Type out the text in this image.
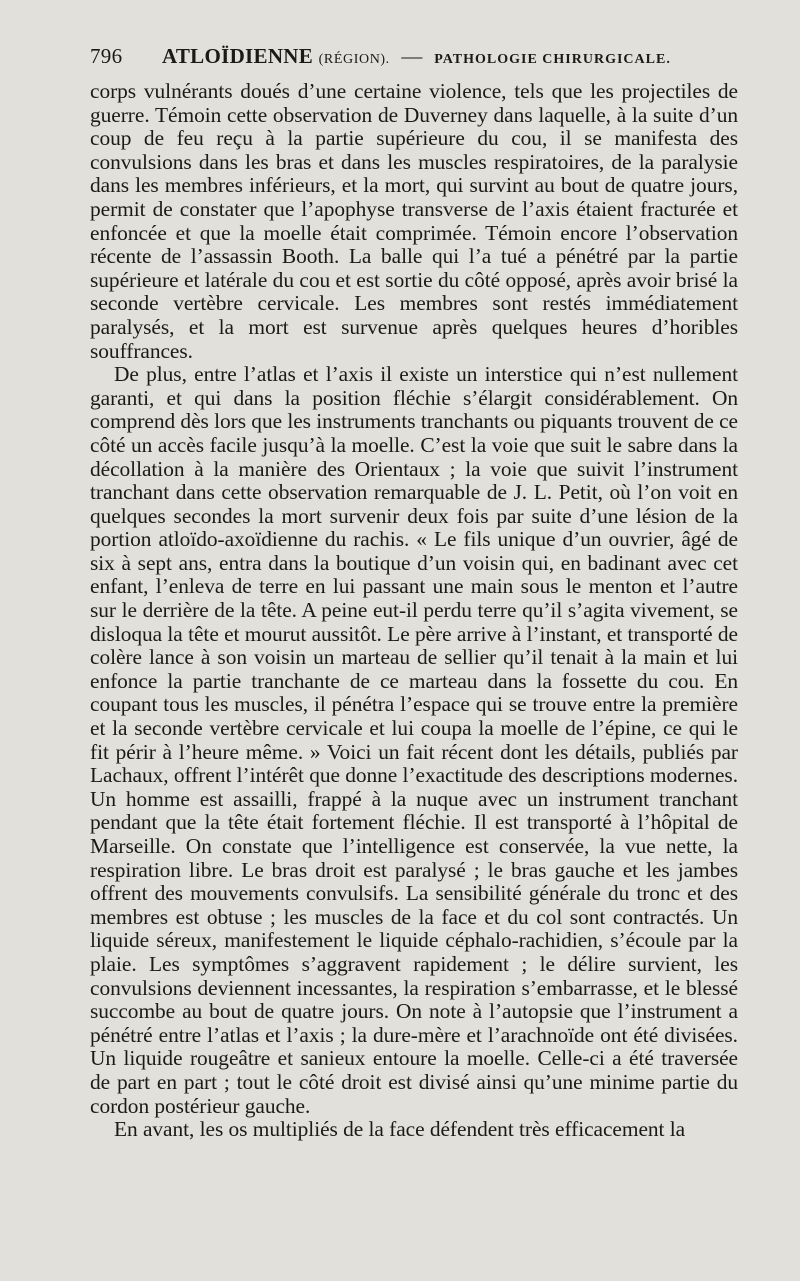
796 ATLOÏDIENNE (RÉGION). — PATHOLOGIE CHIRURGICALE.

corps vulnérants doués d’une certaine violence, tels que les projectiles de guerre. Témoin cette observation de Duverney dans laquelle, à la suite d’un coup de feu reçu à la partie supérieure du cou, il se manifesta des convulsions dans les bras et dans les muscles respiratoires, de la paralysie dans les membres inférieurs, et la mort, qui survint au bout de quatre jours, permit de constater que l’apophyse transverse de l’axis étaient fracturée et enfoncée et que la moelle était comprimée. Témoin encore l’observation récente de l’assassin Booth. La balle qui l’a tué a pénétré par la partie supérieure et latérale du cou et est sortie du côté opposé, après avoir brisé la seconde vertèbre cervicale. Les membres sont restés immédiatement paralysés, et la mort est survenue après quelques heures d’horibles souffrances.

De plus, entre l’atlas et l’axis il existe un interstice qui n’est nullement garanti, et qui dans la position fléchie s’élargit considérablement. On comprend dès lors que les instruments tranchants ou piquants trouvent de ce côté un accès facile jusqu’à la moelle. C’est la voie que suit le sabre dans la décollation à la manière des Orientaux ; la voie que suivit l’instrument tranchant dans cette observation remarquable de J. L. Petit, où l’on voit en quelques secondes la mort survenir deux fois par suite d’une lésion de la portion atloïdo-axoïdienne du rachis. « Le fils unique d’un ouvrier, âgé de six à sept ans, entra dans la boutique d’un voisin qui, en badinant avec cet enfant, l’enleva de terre en lui passant une main sous le menton et l’autre sur le derrière de la tête. A peine eut-il perdu terre qu’il s’agita vivement, se disloqua la tête et mourut aussitôt. Le père arrive à l’instant, et transporté de colère lance à son voisin un marteau de sellier qu’il tenait à la main et lui enfonce la partie tranchante de ce marteau dans la fossette du cou. En coupant tous les muscles, il pénétra l’espace qui se trouve entre la première et la seconde vertèbre cervicale et lui coupa la moelle de l’épine, ce qui le fit périr à l’heure même. » Voici un fait récent dont les détails, publiés par Lachaux, offrent l’intérêt que donne l’exactitude des descriptions modernes. Un homme est assailli, frappé à la nuque avec un instrument tranchant pendant que la tête était fortement fléchie. Il est transporté à l’hôpital de Marseille. On constate que l’intelligence est conservée, la vue nette, la respiration libre. Le bras droit est paralysé ; le bras gauche et les jambes offrent des mouvements convulsifs. La sensibilité générale du tronc et des membres est obtuse ; les muscles de la face et du col sont contractés. Un liquide séreux, manifestement le liquide céphalo-rachidien, s’écoule par la plaie. Les symptômes s’aggravent rapidement ; le délire survient, les convulsions deviennent incessantes, la respiration s’embarrasse, et le blessé succombe au bout de quatre jours. On note à l’autopsie que l’instrument a pénétré entre l’atlas et l’axis ; la dure-mère et l’arachnoïde ont été divisées. Un liquide rougeâtre et sanieux entoure la moelle. Celle-ci a été traversée de part en part ; tout le côté droit est divisé ainsi qu’une minime partie du cordon postérieur gauche.

En avant, les os multipliés de la face défendent très efficacement la
